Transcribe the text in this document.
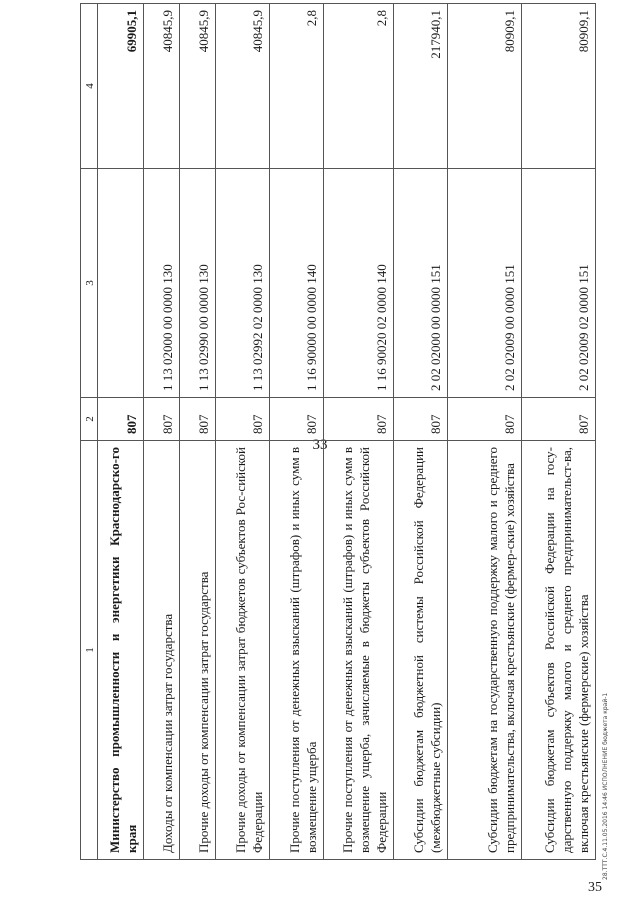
33
1	2	3	4
Министерство промышленности и энергетики Краснодарско-го края	807		69905,1
Доходы от компенсации затрат государства	807	1 13 02000 00 0000 130	40845,9
Прочие доходы от компенсации затрат государства	807	1 13 02990 00 0000 130	40845,9
Прочие доходы от компенсации затрат бюджетов субъектов Рос-сийской Федерации	807	1 13 02992 02 0000 130	40845,9
Прочие поступления от денежных взысканий (штрафов) и иных сумм в возмещение ущерба	807	1 16 90000 00 0000 140	2,8
Прочие поступления от денежных взысканий (штрафов) и иных сумм в возмещение ущерба, зачисляемые в бюджеты субъектов Российской Федерации	807	1 16 90020 02 0000 140	2,8
Субсидии бюджетам бюджетной системы Российской Федерации (межбюджетные субсидии)	807	2 02 02000 00 0000 151	217940,1
Субсидии бюджетам на государственную поддержку малого и среднего предпринимательства, включая крестьянские (фермер-ские) хозяйства	807	2 02 02009 00 0000 151	80909,1
Субсидии бюджетам субъектов Российской Федерации на госу-дарственную поддержку малого и среднего предпринимательст-ва, включая крестьянские (фермерские) хозяйства	807	2 02 02009 02 0000 151	80909,1
35
28.ТТТ.С.4.11.05.2016 14:46 ИСПОЛНЕНИЕ бюджета край-1
